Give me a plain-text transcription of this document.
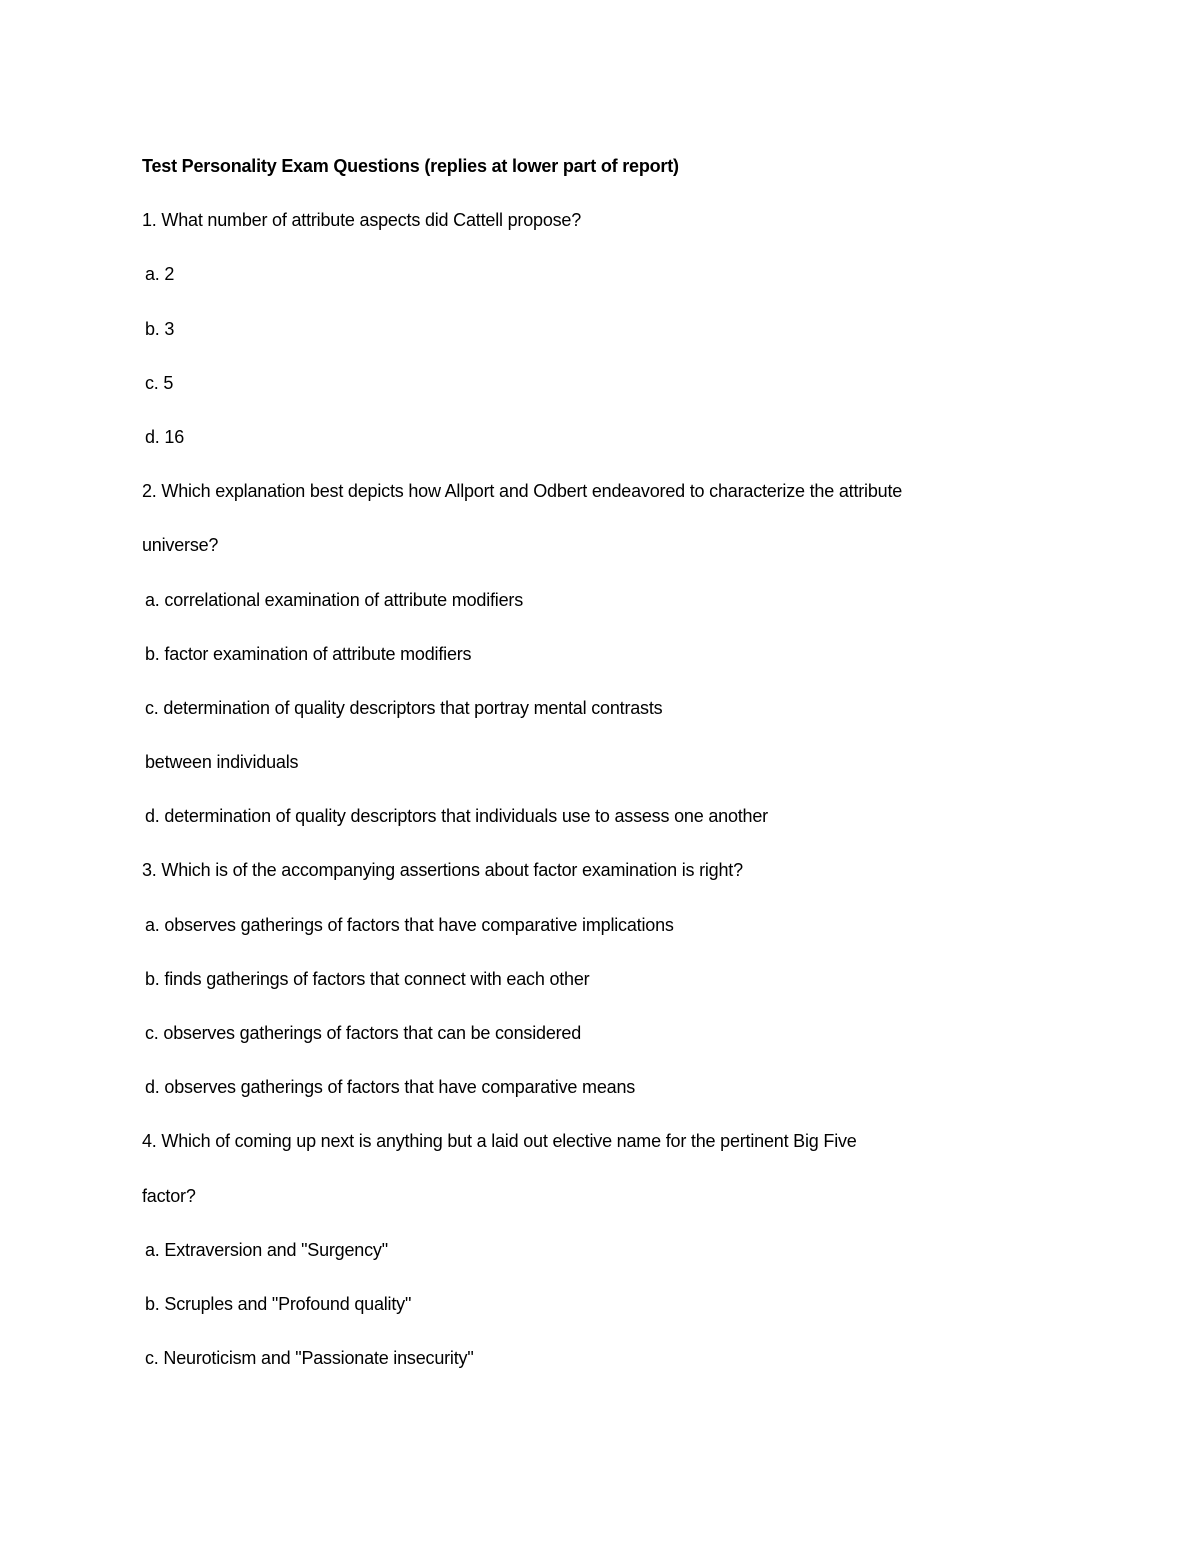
Test Personality Exam Questions (replies at lower part of report)
1. What number of attribute aspects did Cattell propose?
a. 2
b. 3
c. 5
d. 16
2. Which explanation best depicts how Allport and Odbert endeavored to characterize the attribute
universe?
a. correlational examination of attribute modifiers
b. factor examination of attribute modifiers
c. determination of quality descriptors that portray mental contrasts
between individuals
d. determination of quality descriptors that individuals use to assess one another
3. Which is of the accompanying assertions about factor examination is right?
a. observes gatherings of factors that have comparative implications
b. finds gatherings of factors that connect with each other
c. observes gatherings of factors that can be considered
d. observes gatherings of factors that have comparative means
4. Which of coming up next is anything but a laid out elective name for the pertinent Big Five
factor?
a. Extraversion and "Surgency"
b. Scruples and "Profound quality"
c. Neuroticism and "Passionate insecurity"
